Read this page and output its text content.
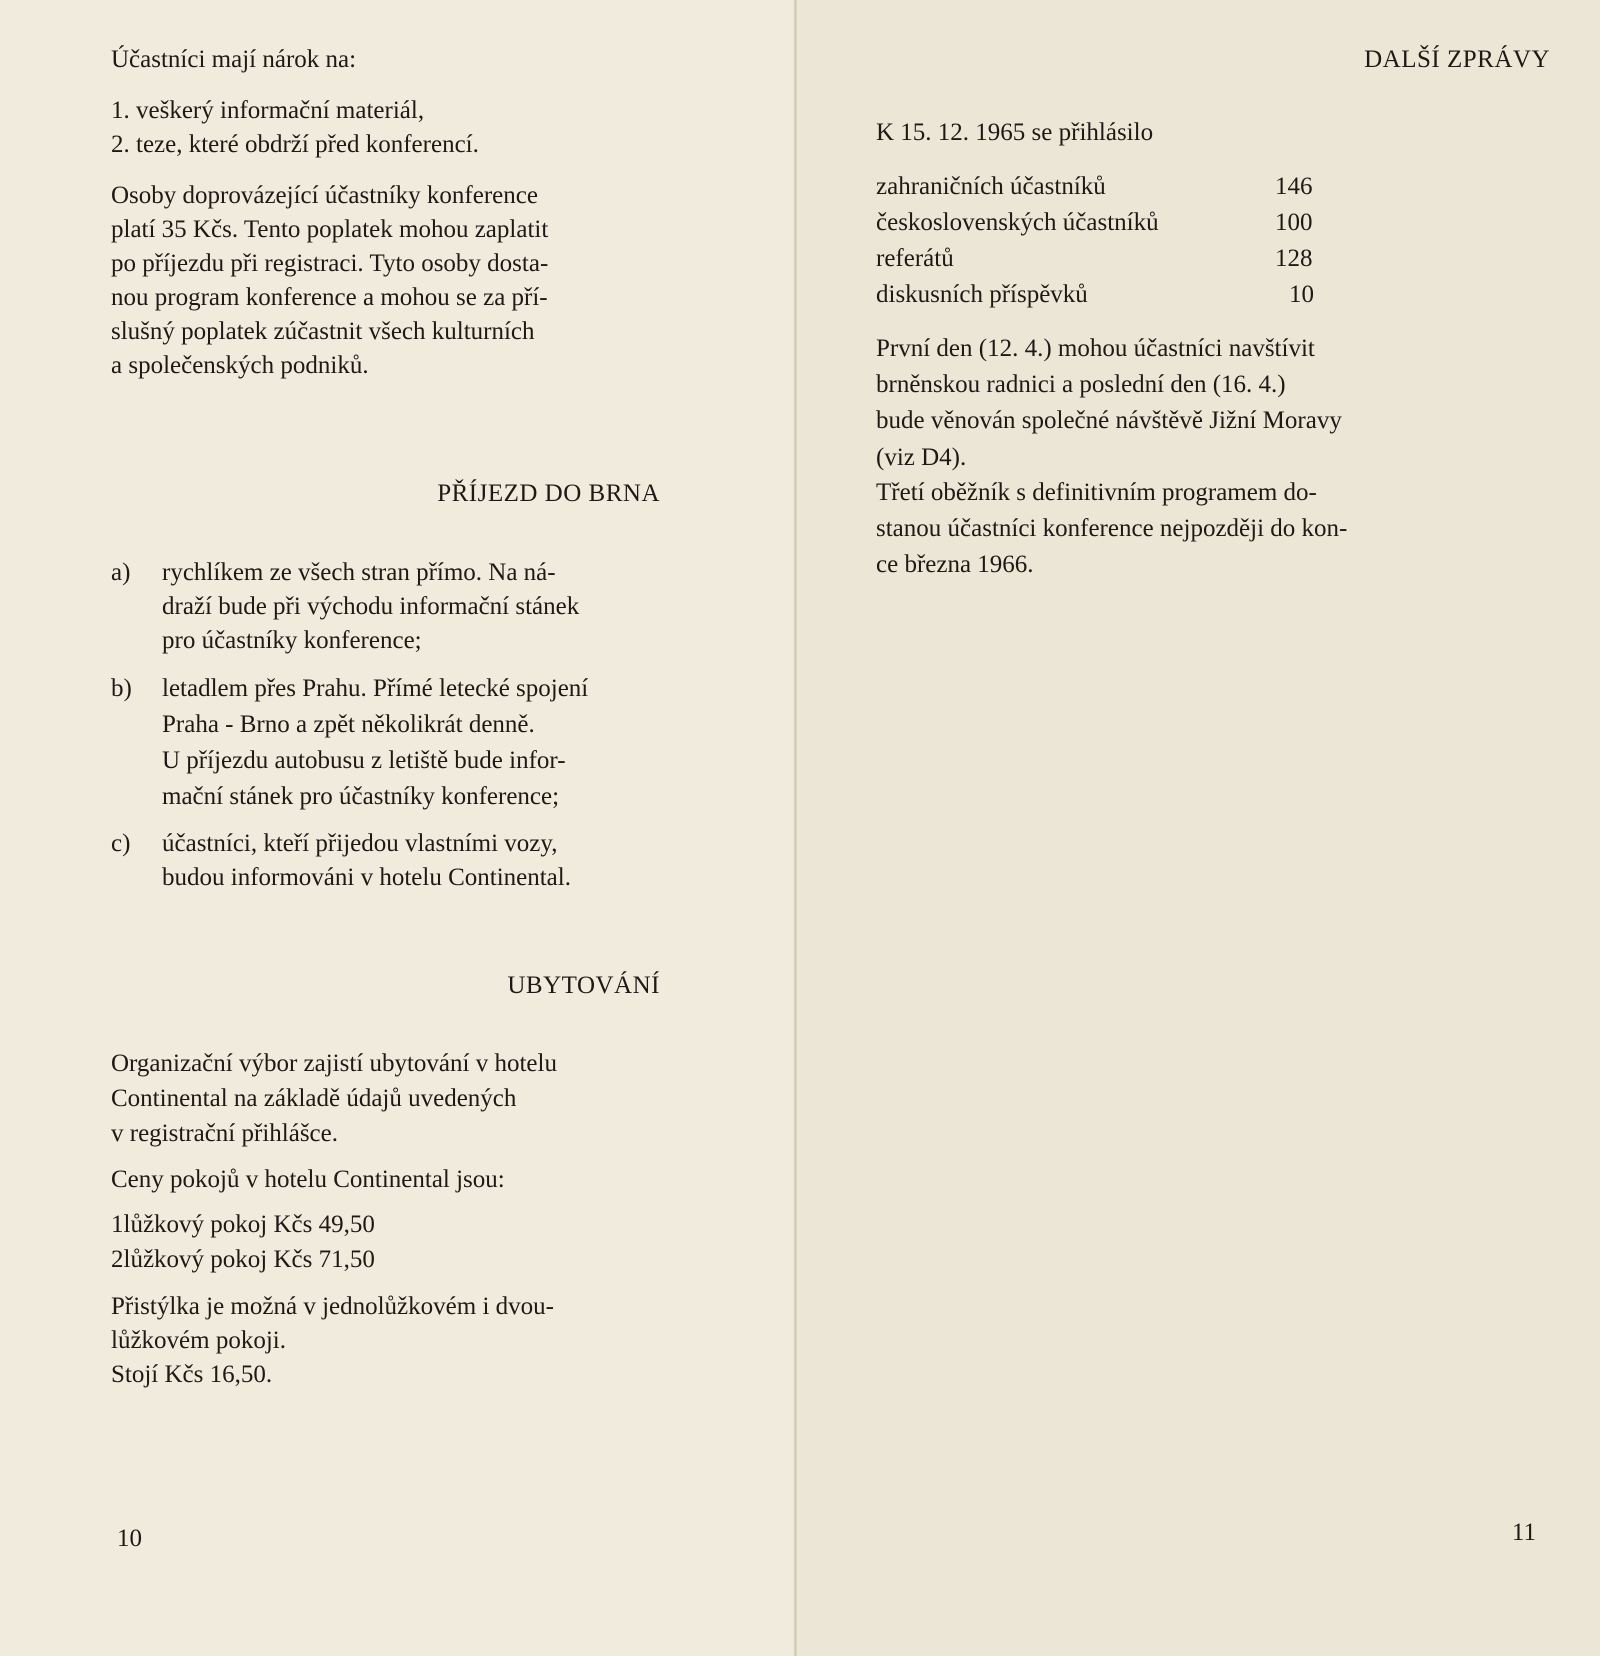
Účastníci mají nárok na:
1. veškerý informační materiál,
2. teze, které obdrží před konferencí.
Osoby doprovázející účastníky konference
platí 35 Kčs. Tento poplatek mohou zaplatit
po příjezdu při registraci. Tyto osoby dosta-
nou program konference a mohou se za pří-
slušný poplatek zúčastnit všech kulturních
a společenských podniků.
PŘÍJEZD DO BRNA
a) rychlíkem ze všech stran přímo. Na ná-
draží bude při východu informační stánek
pro účastníky konference;
b) letadlem přes Prahu. Přímé letecké spojení
Praha - Brno a zpět několikrát denně.
U příjezdu autobusu z letiště bude infor-
mační stánek pro účastníky konference;
c) účastníci, kteří přijedou vlastními vozy,
budou informováni v hotelu Continental.
UBYTOVÁNÍ
Organizační výbor zajistí ubytování v hotelu
Continental na základě údajů uvedených
v registrační přihlášce.
Ceny pokojů v hotelu Continental jsou:
1lůžkový pokoj Kčs 49,50
2lůžkový pokoj Kčs 71,50
Přistýlka je možná v jednolůžkovém i dvou-
lůžkovém pokoji.
Stojí Kčs 16,50.
10
DALŠÍ ZPRÁVY
K 15. 12. 1965 se přihlásilo
zahraničních účastníků	146
československých účastníků	100
referátů	128
diskusních příspěvků	10
První den (12. 4.) mohou účastníci navštívit
brněnskou radnici a poslední den (16. 4.)
bude věnován společné návštěvě Jižní Moravy
(viz D4).
Třetí oběžník s definitivním programem do-
stanou účastníci konference nejpozději do kon-
ce března 1966.
11
